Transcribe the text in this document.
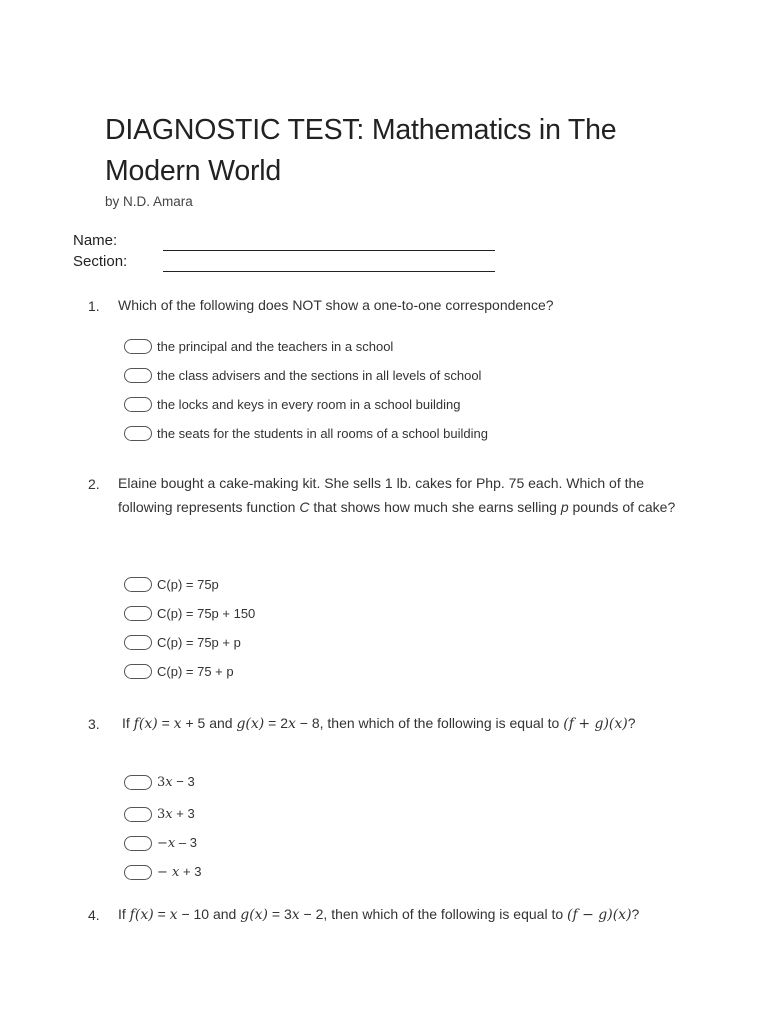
DIAGNOSTIC TEST: Mathematics in The Modern World
by N.D. Amara
Name:
Section:
1. Which of the following does NOT show a one-to-one correspondence?
the principal and the teachers in a school
the class advisers and the sections in all levels of school
the locks and keys in every room in a school building
the seats for the students in all rooms of a school building
2. Elaine bought a cake-making kit. She sells 1 lb. cakes for Php. 75 each. Which of the following represents function C that shows how much she earns selling p pounds of cake?
C(p) = 75p
C(p) = 75p + 150
C(p) = 75p + p
C(p) = 75 + p
3. If f(x) = x + 5 and g(x) = 2x − 8, then which of the following is equal to (f + g)(x)?
3x − 3
3x + 3
−x – 3
− x + 3
4. If f(x) = x − 10 and g(x) = 3x − 2, then which of the following is equal to (f − g)(x)?
